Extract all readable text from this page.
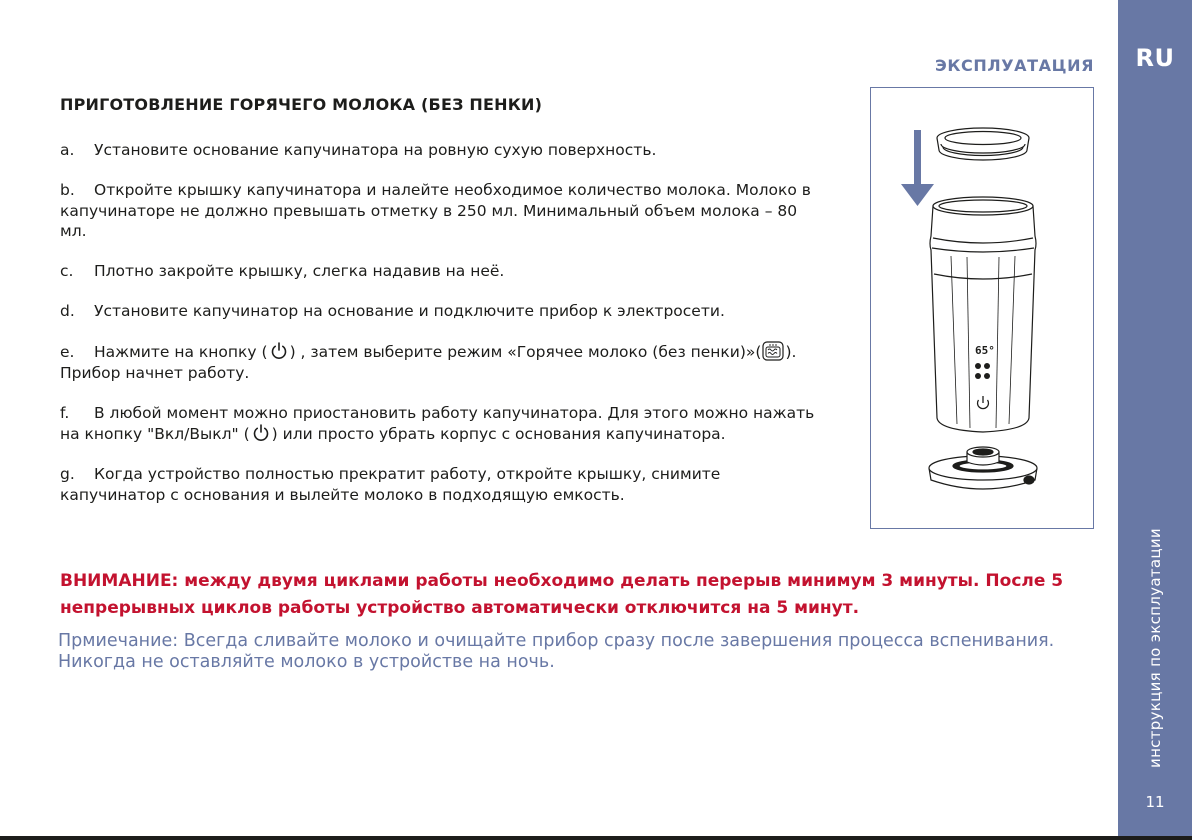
RU
инструкция по эксплуатации
11
ЭКСПЛУАТАЦИЯ
ПРИГОТОВЛЕНИЕ ГОРЯЧЕГО МОЛОКА (БЕЗ ПЕНКИ)

a. Установите основание капучинатора на ровную сухую поверхность.

b. Откройте крышку капучинатора и налейте необходимое количество молока. Молоко в капучинаторе не должно превышать отметку в 250 мл. Минимальный объем молока – 80 мл.

c. Плотно закройте крышку, слегка надавив на неё.

d. Установите капучинатор на основание и подключите прибор к электросети.

e. Нажмите на кнопку ( ) , затем выберите режим «Горячее молоко (без пенки)»( ). Прибор начнет работу.

f. В любой момент можно приостановить работу капучинатора. Для этого можно нажать на кнопку "Вкл/Выкл" ( ) или просто убрать корпус с основания капучинатора.

g. Когда устройство полностью прекратит работу, откройте крышку, снимите капучинатор с основания и вылейте молоко в подходящую емкость.

65°

ВНИМАНИЕ: между двумя циклами работы необходимо делать перерыв минимум 3 минуты. После 5 непрерывных циклов работы устройство автоматически отключится на 5 минут.

Прмиечание: Всегда сливайте молоко и очищайте прибор сразу после завершения процесса вспенивания. Никогда не оставляйте молоко в устройстве на ночь.
